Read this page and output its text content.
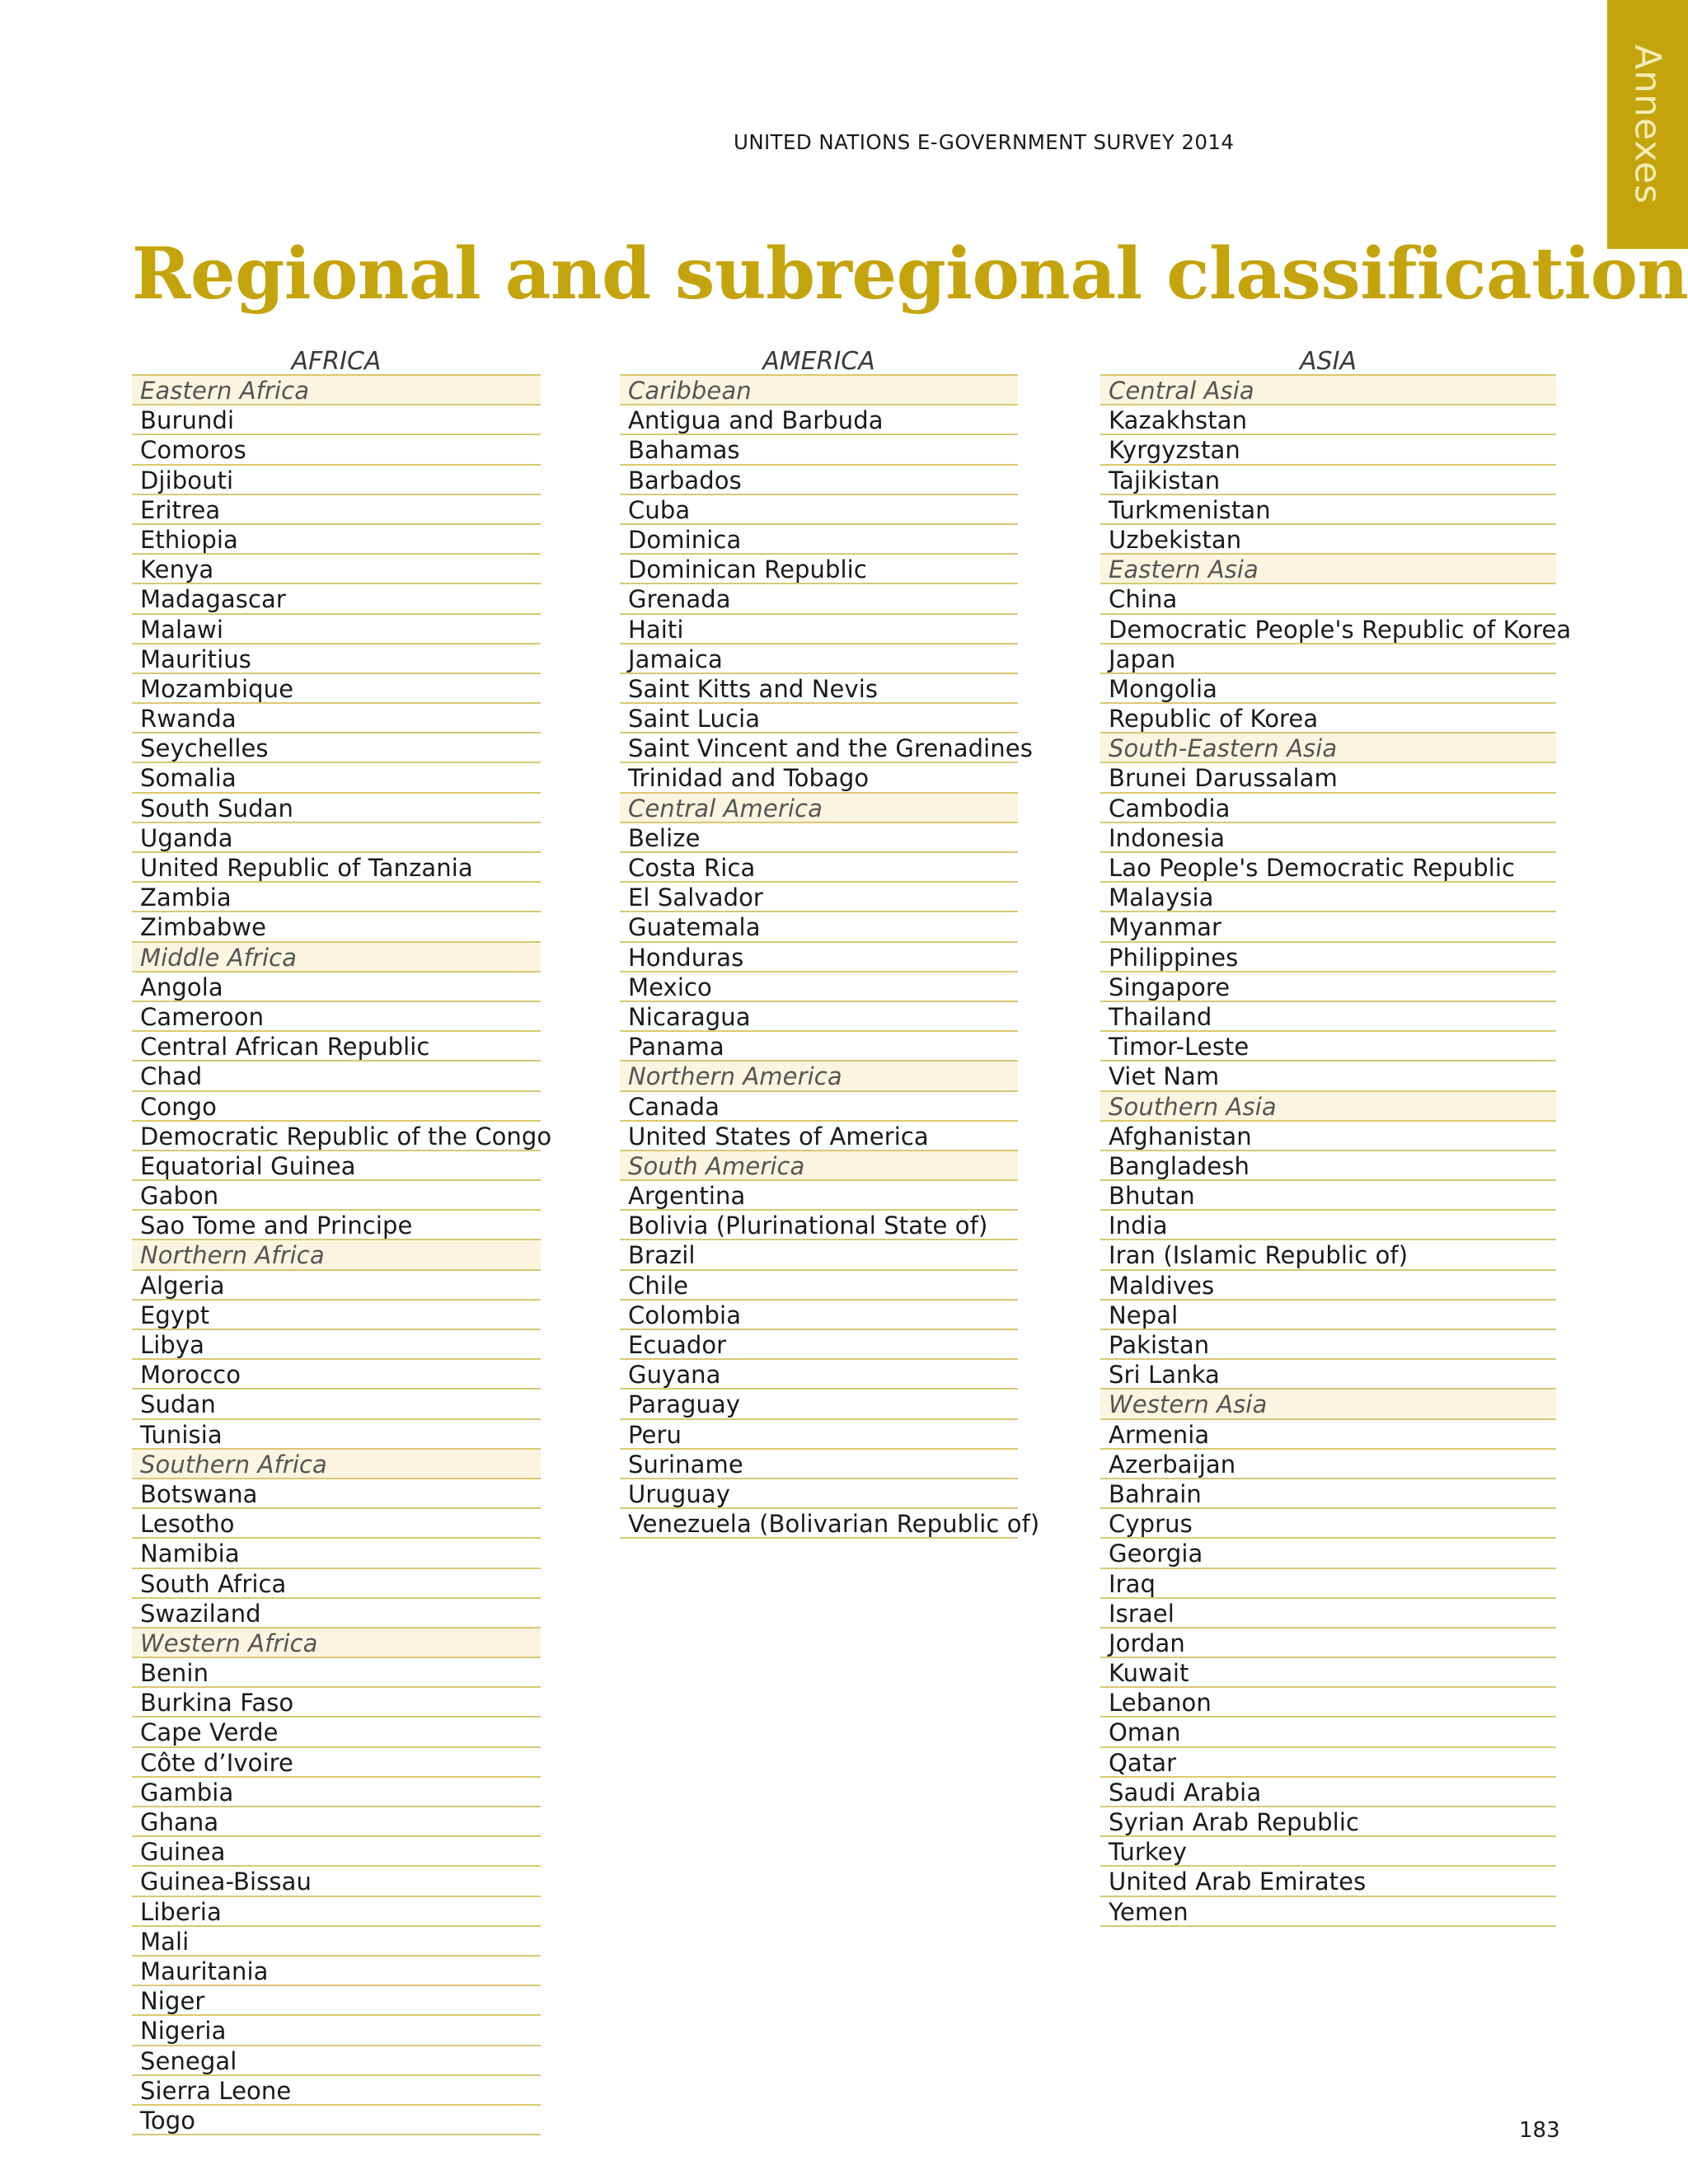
Annexes
UNITED NATIONS E-GOVERNMENT SURVEY 2014
Regional and subregional classification
AFRICA
Eastern Africa
Burundi
Comoros
Djibouti
Eritrea
Ethiopia
Kenya
Madagascar
Malawi
Mauritius
Mozambique
Rwanda
Seychelles
Somalia
South Sudan
Uganda
United Republic of Tanzania
Zambia
Zimbabwe
Middle Africa
Angola
Cameroon
Central African Republic
Chad
Congo
Democratic Republic of the Congo
Equatorial Guinea
Gabon
Sao Tome and Principe
Northern Africa
Algeria
Egypt
Libya
Morocco
Sudan
Tunisia
Southern Africa
Botswana
Lesotho
Namibia
South Africa
Swaziland
Western Africa
Benin
Burkina Faso
Cape Verde
Côte d’Ivoire
Gambia
Ghana
Guinea
Guinea-Bissau
Liberia
Mali
Mauritania
Niger
Nigeria
Senegal
Sierra Leone
Togo
AMERICA
Caribbean
Antigua and Barbuda
Bahamas
Barbados
Cuba
Dominica
Dominican Republic
Grenada
Haiti
Jamaica
Saint Kitts and Nevis
Saint Lucia
Saint Vincent and the Grenadines
Trinidad and Tobago
Central America
Belize
Costa Rica
El Salvador
Guatemala
Honduras
Mexico
Nicaragua
Panama
Northern America
Canada
United States of America
South America
Argentina
Bolivia (Plurinational State of)
Brazil
Chile
Colombia
Ecuador
Guyana
Paraguay
Peru
Suriname
Uruguay
Venezuela (Bolivarian Republic of)
ASIA
Central Asia
Kazakhstan
Kyrgyzstan
Tajikistan
Turkmenistan
Uzbekistan
Eastern Asia
China
Democratic People's Republic of Korea
Japan
Mongolia
Republic of Korea
South-Eastern Asia
Brunei Darussalam
Cambodia
Indonesia
Lao People's Democratic Republic
Malaysia
Myanmar
Philippines
Singapore
Thailand
Timor-Leste
Viet Nam
Southern Asia
Afghanistan
Bangladesh
Bhutan
India
Iran (Islamic Republic of)
Maldives
Nepal
Pakistan
Sri Lanka
Western Asia
Armenia
Azerbaijan
Bahrain
Cyprus
Georgia
Iraq
Israel
Jordan
Kuwait
Lebanon
Oman
Qatar
Saudi Arabia
Syrian Arab Republic
Turkey
United Arab Emirates
Yemen
183
